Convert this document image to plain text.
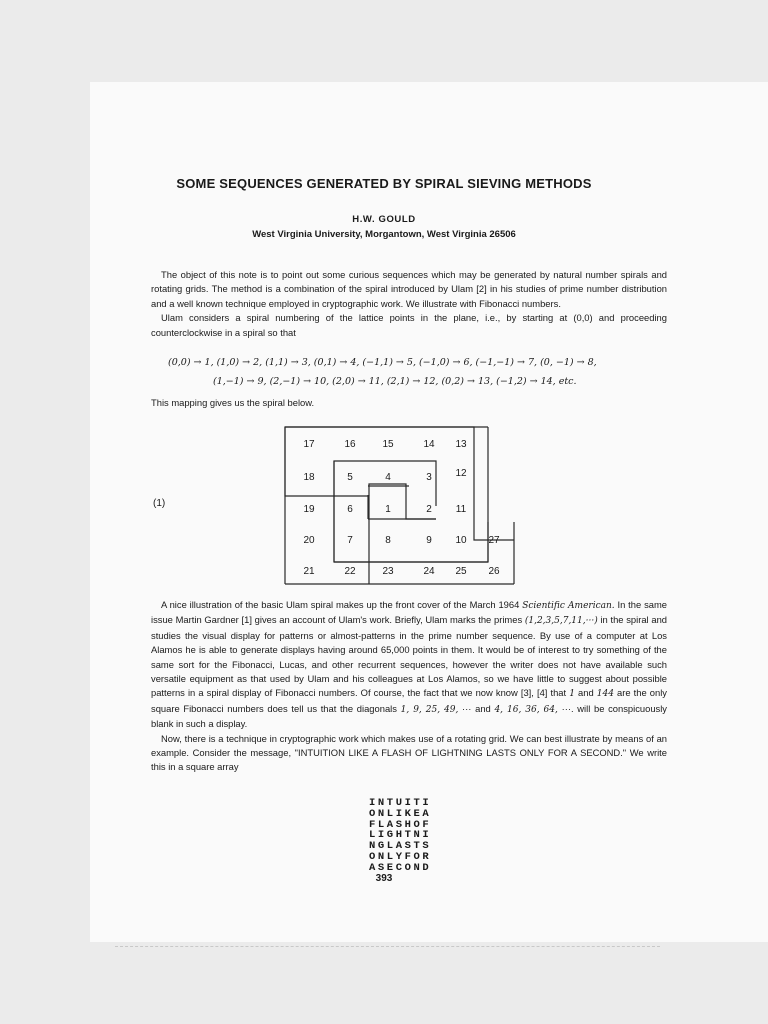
SOME SEQUENCES GENERATED BY SPIRAL SIEVING METHODS
H.W. GOULD
West Virginia University, Morgantown, West Virginia 26506

The object of this note is to point out some curious sequences which may be generated by natural number spirals and rotating grids. The method is a combination of the spiral introduced by Ulam [2] in his studies of prime number distribution and a well known technique employed in cryptographic work. We illustrate with Fibonacci numbers.

Ulam considers a spiral numbering of the lattice points in the plane, i.e., by starting at (0,0) and proceeding counterclockwise in a spiral so that

(0,0) → 1, (1,0) → 2, (1,1) → 3, (0,1) → 4, (−1,1) → 5, (−1,0) → 6, (−1,−1) → 7, (0, −1) → 8,
(1,−1) → 9, (2,−1) → 10, (2,0) → 11, (2,1) → 12, (0,2) → 13, (−1,2) → 14, etc.
This mapping gives us the spiral below.
(1)
17	16	15	14 13
18	5	4	3 12
19	6	1	2 11
20	7	8	9 10 27
21	22	23	24 25 26

A nice illustration of the basic Ulam spiral makes up the front cover of the March 1964 Scientific American. In the same issue Martin Gardner [1] gives an account of Ulam's work. Briefly, Ulam marks the primes (1,2,3,5,7,11,···) in the spiral and studies the visual display for patterns or almost-patterns in the prime number sequence. By use of a computer at Los Alamos he is able to generate displays having around 65,000 points in them. It would be of interest to try something of the same sort for the Fibonacci, Lucas, and other recurrent sequences, however the writer does not have available such versatile equipment as that used by Ulam and his colleagues at Los Alamos, so we have little to suggest about possible patterns in a spiral display of Fibonacci numbers. Of course, the fact that we now know [3], [4] that 1 and 144 are the only square Fibonacci numbers does tell us that the diagonals 1, 9, 25, 49, ··· and 4, 16, 36, 64, ···. will be conspicuously blank in such a display.

Now, there is a technique in cryptographic work which makes use of a rotating grid. We can best illustrate by means of an example. Consider the message, "INTUITION LIKE A FLASH OF LIGHTNING LASTS ONLY FOR A SECOND." We write this in a square array

INTUITI
ONLIKEA
FLASHOF
LIGHTNI
NGLASTS
ONLYFOR
ASECOND
393
